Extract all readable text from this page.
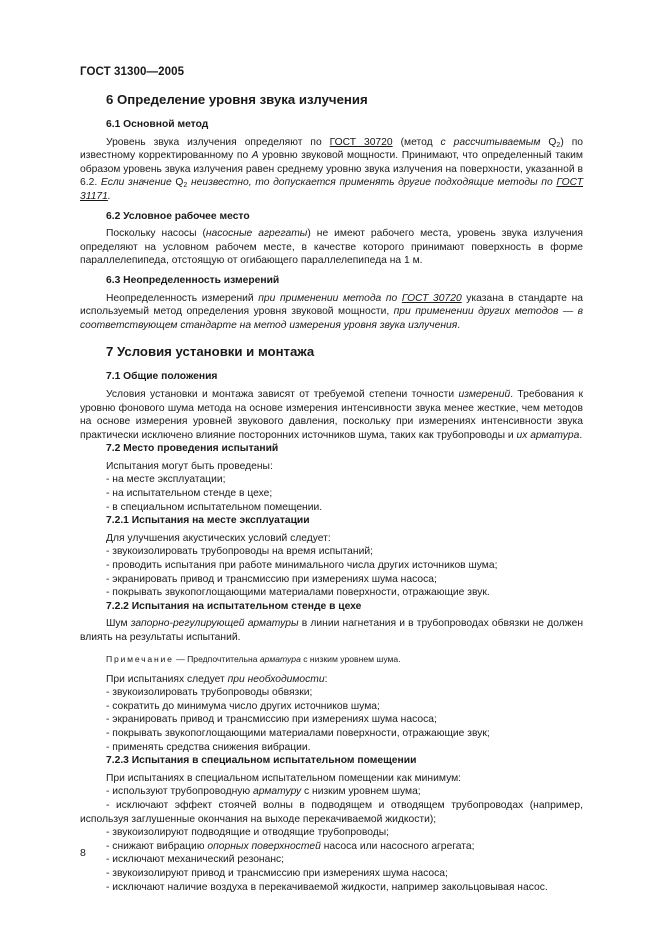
ГОСТ 31300—2005
6 Определение уровня звука излучения
6.1 Основной метод

Уровень звука излучения определяют по ГОСТ 30720 (метод с рассчитываемым $Q_2$) по известному корректированному по А уровню звуковой мощности. Принимают, что определенный таким образом уровень звука излучения равен среднему уровню звука излучения на поверхности, указанной в 6.2. Если значение $Q_2$ неизвестно, то допускается применять другие подходящие методы по ГОСТ 31171.

6.2 Условное рабочее место

Поскольку насосы (насосные агрегаты) не имеют рабочего места, уровень звука излучения определяют на условном рабочем месте, в качестве которого принимают поверхность в форме параллелепипеда, отстоящую от огибающего параллелепипеда на 1 м.

6.3 Неопределенность измерений

Неопределенность измерений при применении метода по ГОСТ 30720 указана в стандарте на используемый метод определения уровня звуковой мощности, при применении других методов — в соответствующем стандарте на метод измерения уровня звука излучения.

7 Условия установки и монтажа
7.1 Общие положения

Условия установки и монтажа зависят от требуемой степени точности измерений. Требования к уровню фонового шума метода на основе измерения интенсивности звука менее жесткие, чем методов на основе измерения уровней звукового давления, поскольку при измерениях интенсивности звука практически исключено влияние посторонних источников шума, таких как трубопроводы и их арматура.

7.2 Место проведения испытаний

Испытания могут быть проведены:

- на месте эксплуатации;

- на испытательном стенде в цехе;

- в специальном испытательном помещении.

7.2.1 Испытания на месте эксплуатации

Для улучшения акустических условий следует:

- звукоизолировать трубопроводы на время испытаний;

- проводить испытания при работе минимального числа других источников шума;

- экранировать привод и трансмиссию при измерениях шума насоса;

- покрывать звукопоглощающими материалами поверхности, отражающие звук.

7.2.2 Испытания на испытательном стенде в цехе

Шум запорно-регулирующей арматуры в линии нагнетания и в трубопроводах обвязки не должен влиять на результаты испытаний.

Примечание — Предпочтительна арматура с низким уровнем шума.

При испытаниях следует при необходимости:

- звукоизолировать трубопроводы обвязки;

- сократить до минимума число других источников шума;

- экранировать привод и трансмиссию при измерениях шума насоса;

- покрывать звукопоглощающими материалами поверхности, отражающие звук;

- применять средства снижения вибрации.

7.2.3 Испытания в специальном испытательном помещении

При испытаниях в специальном испытательном помещении как минимум:

- используют трубопроводную арматуру с низким уровнем шума;

- исключают эффект стоячей волны в подводящем и отводящем трубопроводах (например, используя заглушенные окончания на выходе перекачиваемой жидкости);

- звукоизолируют подводящие и отводящие трубопроводы;

- снижают вибрацию опорных поверхностей насоса или насосного агрегата;

- исключают механический резонанс;

- звукоизолируют привод и трансмиссию при измерениях шума насоса;

- исключают наличие воздуха в перекачиваемой жидкости, например закольцовывая насос.

8
